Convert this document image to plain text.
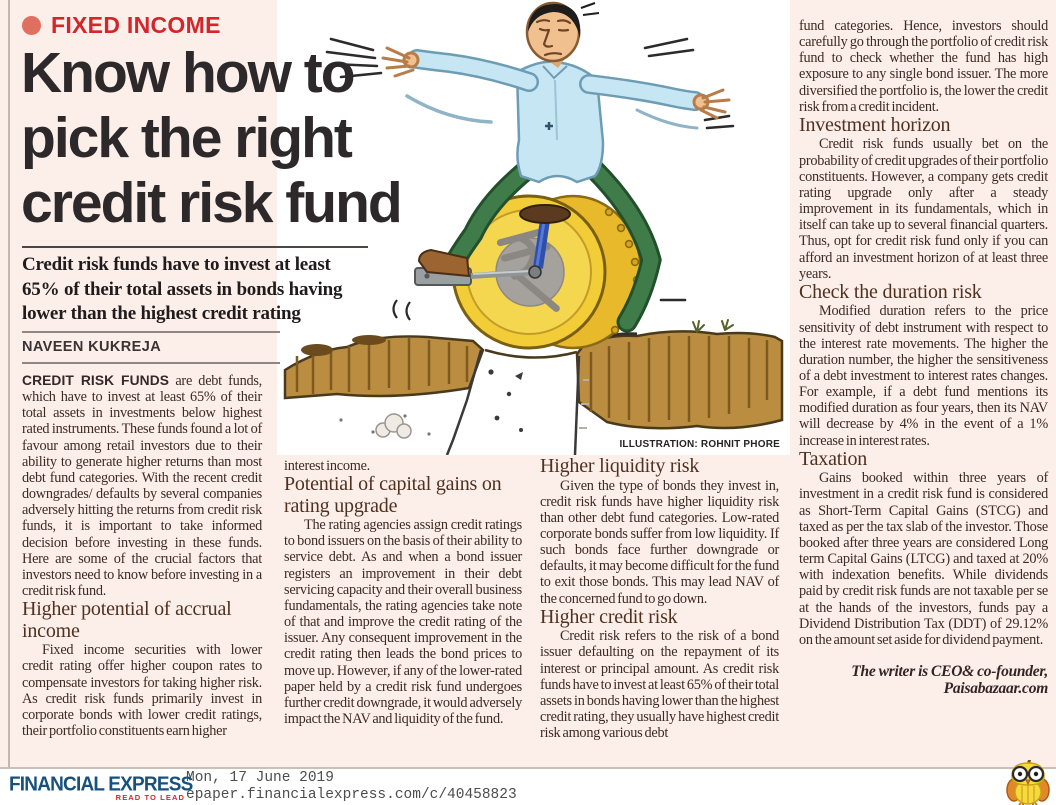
ILLUSTRATION: ROHNIT PHORE
FIXED INCOME
Know how to
pick the right
credit risk fund
Credit risk funds have to invest at least
65% of their total assets in bonds having
lower than the highest credit rating
NAVEEN KUKREJA

CREDIT RISK FUNDS are debt funds, which have to invest at least 65% of their total assets in investments below highest rated instruments. These funds found a lot of favour among retail investors due to their ability to generate higher returns than most debt fund categories. With the recent credit downgrades/ defaults by several companies adversely hitting the returns from credit risk funds, it is important to take informed decision before investing in these funds. Here are some of the crucial factors that investors need to know before investing in a credit risk fund.

Higher potential of accrual income

Fixed income securities with lower credit rating offer higher coupon rates to compensate investors for taking higher risk. As credit risk funds primarily invest in corporate bonds with lower credit ratings, their portfolio constituents earn higher

interest income.

Potential of capital gains on rating upgrade

The rating agencies assign credit ratings to bond issuers on the basis of their ability to service debt. As and when a bond issuer registers an improvement in their debt servicing capacity and their overall business fundamentals, the rating agencies take note of that and improve the credit rating of the issuer. Any consequent improvement in the credit rating then leads the bond prices to move up. However, if any of the lower-rated paper held by a credit risk fund undergoes further credit downgrade, it would adversely impact the NAV and liquidity of the fund.

Higher liquidity risk

Given the type of bonds they invest in, credit risk funds have higher liquidity risk than other debt fund categories. Low-rated corporate bonds suffer from low liquidity. If such bonds face further downgrade or defaults, it may become difficult for the fund to exit those bonds. This may lead NAV of the concerned fund to go down.

Higher credit risk

Credit risk refers to the risk of a bond issuer defaulting on the repayment of its interest or principal amount. As credit risk funds have to invest at least 65% of their total assets in bonds having lower than the highest credit rating, they usually have highest credit risk among various debt

fund categories. Hence, investors should carefully go through the portfolio of credit risk fund to check whether the fund has high exposure to any single bond issuer. The more diversified the portfolio is, the lower the credit risk from a credit incident.

Investment horizon

Credit risk funds usually bet on the probability of credit upgrades of their portfolio constituents. However, a company gets credit rating upgrade only after a steady improvement in its fundamentals, which in itself can take up to several financial quarters. Thus, opt for credit risk fund only if you can afford an investment horizon of at least three years.

Check the duration risk

Modified duration refers to the price sensitivity of debt instrument with respect to the interest rate movements. The higher the duration number, the higher the sensitiveness of a debt investment to interest rates changes. For example, if a debt fund mentions its modified duration as four years, then its NAV will decrease by 4% in the event of a 1% increase in interest rates.

Taxation

Gains booked within three years of investment in a credit risk fund is considered as Short-Term Capital Gains (STCG) and taxed as per the tax slab of the investor. Those booked after three years are considered Long term Capital Gains (LTCG) and taxed at 20% with indexation benefits. While dividends paid by credit risk funds are not taxable per se at the hands of the investors, funds pay a Dividend Distribution Tax (DDT) of 29.12% on the amount set aside for dividend payment.

The writer is CEO& co-founder,
Paisabazaar.com
FINANCIAL EXPRESS
READ TO LEAD
Mon, 17 June 2019
epaper.financialexpress.com/c/40458823
